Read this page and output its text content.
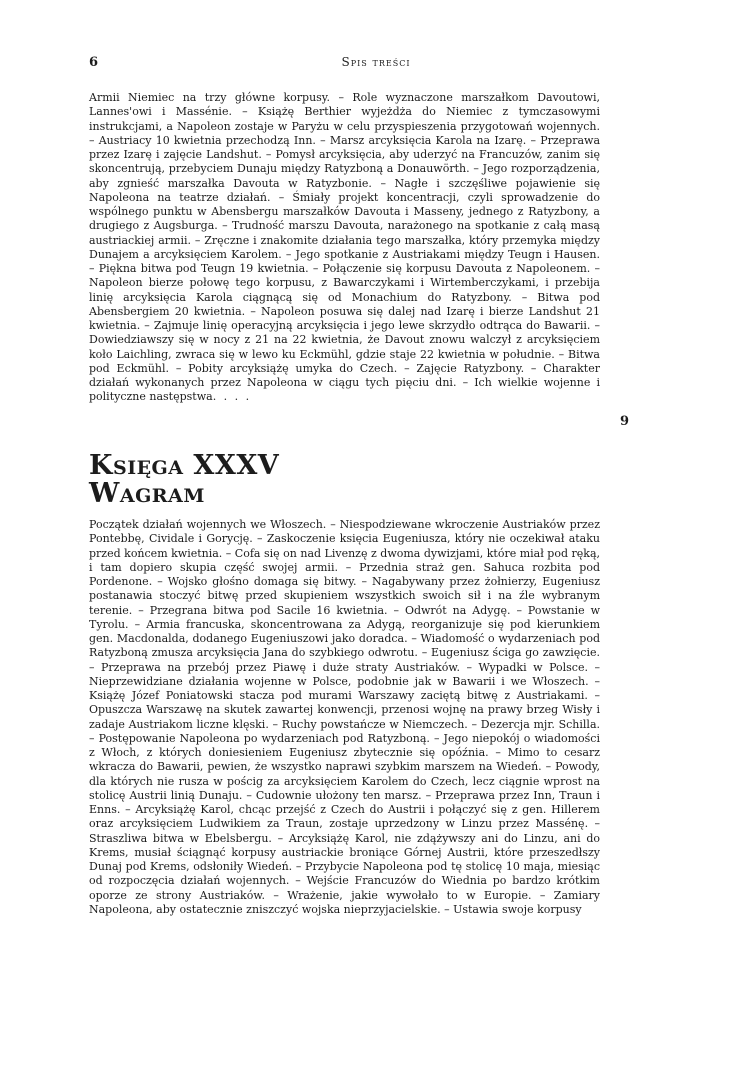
6	Spis treści
Armii Niemiec na trzy główne korpusy. – Role wyznaczone marszałkom Davoutowi, Lannes'owi i Massénie. – Książę Berthier wyjeżdża do Niemiec z tymczasowymi instrukcjami, a Napoleon zostaje w Paryżu w celu przyspieszenia przygotowań wojennych. – Austriacy 10 kwietnia przechodzą Inn. – Marsz arcyksięcia Karola na Izarę. – Przeprawa przez Izarę i zajęcie Landshut. – Pomysł arcyksięcia, aby uderzyć na Francuzów, zanim się skoncentrują, przebyciem Dunaju między Ratyzboną a Donauwörth. – Jego rozporządzenia, aby zgnieść marszałka Davouta w Ratyzbonie. – Nagłe i szczęśliwe pojawienie się Napoleona na teatrze działań. – Śmiały projekt koncentracji, czyli sprowadzenie do wspólnego punktu w Abensbergu marszałków Davouta i Masseny, jednego z Ratyzbony, a drugiego z Augsburga. – Trudność marszu Davouta, narażonego na spotkanie z całą masą austriackiej armii. – Zręczne i znakomite działania tego marszałka, który przemyka między Dunajem a arcyksięciem Karolem. – Jego spotkanie z Austriakami między Teugn i Hausen. – Piękna bitwa pod Teugn 19 kwietnia. – Połączenie się korpusu Davouta z Napoleonem. – Napoleon bierze połowę tego korpusu, z Bawarczykami i Wirtemberczykami, i przebija linię arcyksięcia Karola ciągnącą się od Monachium do Ratyzbony. – Bitwa pod Abensbergiem 20 kwietnia. – Napoleon posuwa się dalej nad Izarę i bierze Landshut 21 kwietnia. – Zajmuje linię operacyjną arcyksięcia i jego lewe skrzydło odtrąca do Bawarii. – Dowiedziawszy się w nocy z 21 na 22 kwietnia, że Davout znowu walczył z arcyksięciem koło Laichling, zwraca się w lewo ku Eckmühl, gdzie staje 22 kwietnia w południe. – Bitwa pod Eckmühl. – Pobity arcyksiążę umyka do Czech. – Zajęcie Ratyzbony. – Charakter działań wykonanych przez Napoleona w ciągu tych pięciu dni. – Ich wielkie wojenne i polityczne następstwa. . . .
9
Księga XXXV
Wagram
Początek działań wojennych we Włoszech. – Niespodziewane wkroczenie Austriaków przez Pontebbę, Cividale i Gorycję. – Zaskoczenie księcia Eugeniusza, który nie oczekiwał ataku przed końcem kwietnia. – Cofa się on nad Livenzę z dwoma dywizjami, które miał pod ręką, i tam dopiero skupia część swojej armii. – Przednia straż gen. Sahuca rozbita pod Pordenone. – Wojsko głośno domaga się bitwy. – Nagabywany przez żołnierzy, Eugeniusz postanawia stoczyć bitwę przed skupieniem wszystkich swoich sił i na źle wybranym terenie. – Przegrana bitwa pod Sacile 16 kwietnia. – Odwrót na Adygę. – Powstanie w Tyrolu. – Armia francuska, skoncentrowana za Adygą, reorganizuje się pod kierunkiem gen. Macdonalda, dodanego Eugeniuszowi jako doradca. – Wiadomość o wydarzeniach pod Ratyzboną zmusza arcyksięcia Jana do szybkiego odwrotu. – Eugeniusz ściga go zawzięcie. – Przeprawa na przebój przez Piawę i duże straty Austriaków. – Wypadki w Polsce. – Nieprzewidziane działania wojenne w Polsce, podobnie jak w Bawarii i we Włoszech. – Książę Józef Poniatowski stacza pod murami Warszawy zaciętą bitwę z Austriakami. – Opuszcza Warszawę na skutek zawartej konwencji, przenosi wojnę na prawy brzeg Wisły i zadaje Austriakom liczne klęski. – Ruchy powstańcze w Niemczech. – Dezercja mjr. Schilla. – Postępowanie Napoleona po wydarzeniach pod Ratyzboną. – Jego niepokój o wiadomości z Włoch, z których doniesieniem Eugeniusz zbytecznie się opóźnia. – Mimo to cesarz wkracza do Bawarii, pewien, że wszystko naprawi szybkim marszem na Wiedeń. – Powody, dla których nie rusza w pościg za arcyksięciem Karolem do Czech, lecz ciągnie wprost na stolicę Austrii linią Dunaju. – Cudownie ułożony ten marsz. – Przeprawa przez Inn, Traun i Enns. – Arcyksiążę Karol, chcąc przejść z Czech do Austrii i połączyć się z gen. Hillerem oraz arcyksięciem Ludwikiem za Traun, zostaje uprzedzony w Linzu przez Massénę. – Straszliwa bitwa w Ebelsbergu. – Arcyksiążę Karol, nie zdążywszy ani do Linzu, ani do Krems, musiał ściągnąć korpusy austriackie broniące Górnej Austrii, które przeszedłszy Dunaj pod Krems, odsłoniły Wiedeń. – Przybycie Napoleona pod tę stolicę 10 maja, miesiąc od rozpoczęcia działań wojennych. – Wejście Francuzów do Wiednia po bardzo krótkim oporze ze strony Austriaków. – Wrażenie, jakie wywołało to w Europie. – Zamiary Napoleona, aby ostatecznie zniszczyć wojska nieprzyjacielskie. – Ustawia swoje korpusy
